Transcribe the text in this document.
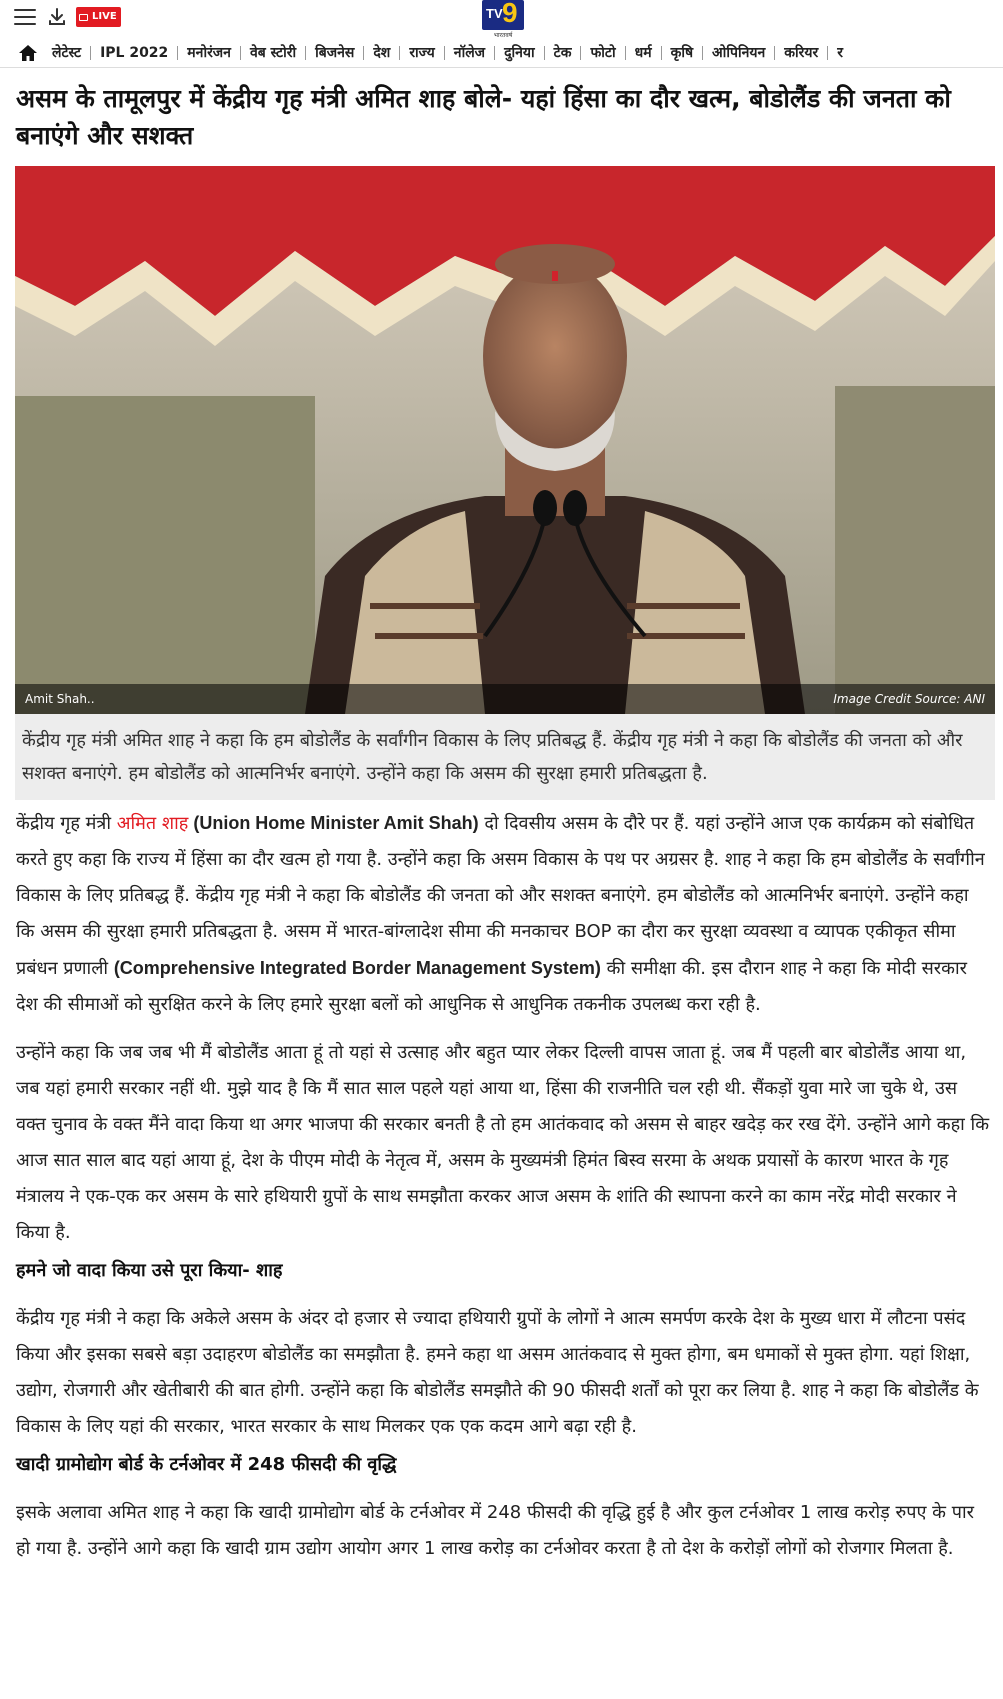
LIVE	TV 9
भारतवर्ष
लेटेस्ट	IPL 2022	मनोरंजन	वेब स्टोरी	बिजनेस	देश	राज्य	नॉलेज	दुनिया	टेक	फोटो	धर्म	कृषि	ओपिनियन	करियर	र
असम के तामूलपुर में केंद्रीय गृह मंत्री अमित शाह बोले- यहां हिंसा का दौर खत्म, बोडोलैंड की जनता को बनाएंगे और सशक्त
Amit Shah..	Image Credit Source: ANI
केंद्रीय गृह मंत्री अमित शाह ने कहा कि हम बोडोलैंड के सर्वांगीन विकास के लिए प्रतिबद्ध हैं. केंद्रीय गृह मंत्री ने कहा कि बोडोलैंड की जनता को और सशक्त बनाएंगे. हम बोडोलैंड को आत्मनिर्भर बनाएंगे. उन्होंने कहा कि असम की सुरक्षा हमारी प्रतिबद्धता है.

केंद्रीय गृह मंत्री अमित शाह (Union Home Minister Amit Shah) दो दिवसीय असम के दौरे पर हैं. यहां उन्होंने आज एक कार्यक्रम को संबोधित करते हुए कहा कि राज्य में हिंसा का दौर खत्म हो गया है. उन्होंने कहा कि असम विकास के पथ पर अग्रसर है. शाह ने कहा कि हम बोडोलैंड के सर्वांगीन विकास के लिए प्रतिबद्ध हैं. केंद्रीय गृह मंत्री ने कहा कि बोडोलैंड की जनता को और सशक्त बनाएंगे. हम बोडोलैंड को आत्मनिर्भर बनाएंगे. उन्होंने कहा कि असम की सुरक्षा हमारी प्रतिबद्धता है. असम में भारत-बांग्लादेश सीमा की मनकाचर BOP का दौरा कर सुरक्षा व्यवस्था व व्यापक एकीकृत सीमा प्रबंधन प्रणाली (Comprehensive Integrated Border Management System) की समीक्षा की. इस दौरान शाह ने कहा कि मोदी सरकार देश की सीमाओं को सुरक्षित करने के लिए हमारे सुरक्षा बलों को आधुनिक से आधुनिक तकनीक उपलब्ध करा रही है.

उन्होंने कहा कि जब जब भी मैं बोडोलैंड आता हूं तो यहां से उत्साह और बहुत प्यार लेकर दिल्ली वापस जाता हूं. जब मैं पहली बार बोडोलैंड आया था, जब यहां हमारी सरकार नहीं थी. मुझे याद है कि मैं सात साल पहले यहां आया था, हिंसा की राजनीति चल रही थी. सैंकड़ों युवा मारे जा चुके थे, उस वक्त चुनाव के वक्त मैंने वादा किया था अगर भाजपा की सरकार बनती है तो हम आतंकवाद को असम से बाहर खदेड़ कर रख देंगे. उन्होंने आगे कहा कि आज सात साल बाद यहां आया हूं, देश के पीएम मोदी के नेतृत्व में, असम के मुख्यमंत्री हिमंत बिस्व सरमा के अथक प्रयासों के कारण भारत के गृह मंत्रालय ने एक-एक कर असम के सारे हथियारी ग्रुपों के साथ समझौता करकर आज असम के शांति की स्थापना करने का काम नरेंद्र मोदी सरकार ने किया है.

हमने जो वादा किया उसे पूरा किया- शाह

केंद्रीय गृह मंत्री ने कहा कि अकेले असम के अंदर दो हजार से ज्यादा हथियारी ग्रुपों के लोगों ने आत्म समर्पण करके देश के मुख्य धारा में लौटना पसंद किया और इसका सबसे बड़ा उदाहरण बोडोलैंड का समझौता है. हमने कहा था असम आतंकवाद से मुक्त होगा, बम धमाकों से मुक्त होगा. यहां शिक्षा, उद्योग, रोजगारी और खेतीबारी की बात होगी. उन्होंने कहा कि बोडोलैंड समझौते की 90 फीसदी शर्तों को पूरा कर लिया है. शाह ने कहा कि बोडोलैंड के विकास के लिए यहां की सरकार, भारत सरकार के साथ मिलकर एक एक कदम आगे बढ़ा रही है.

खादी ग्रामोद्योग बोर्ड के टर्नओवर में 248 फीसदी की वृद्धि

इसके अलावा अमित शाह ने कहा कि खादी ग्रामोद्योग बोर्ड के टर्नओवर में 248 फीसदी की वृद्धि हुई है और कुल टर्नओवर 1 लाख करोड़ रुपए के पार हो गया है. उन्होंने आगे कहा कि खादी ग्राम उद्योग आयोग अगर 1 लाख करोड़ का टर्नओवर करता है तो देश के करोड़ों लोगों को रोजगार मिलता है.
